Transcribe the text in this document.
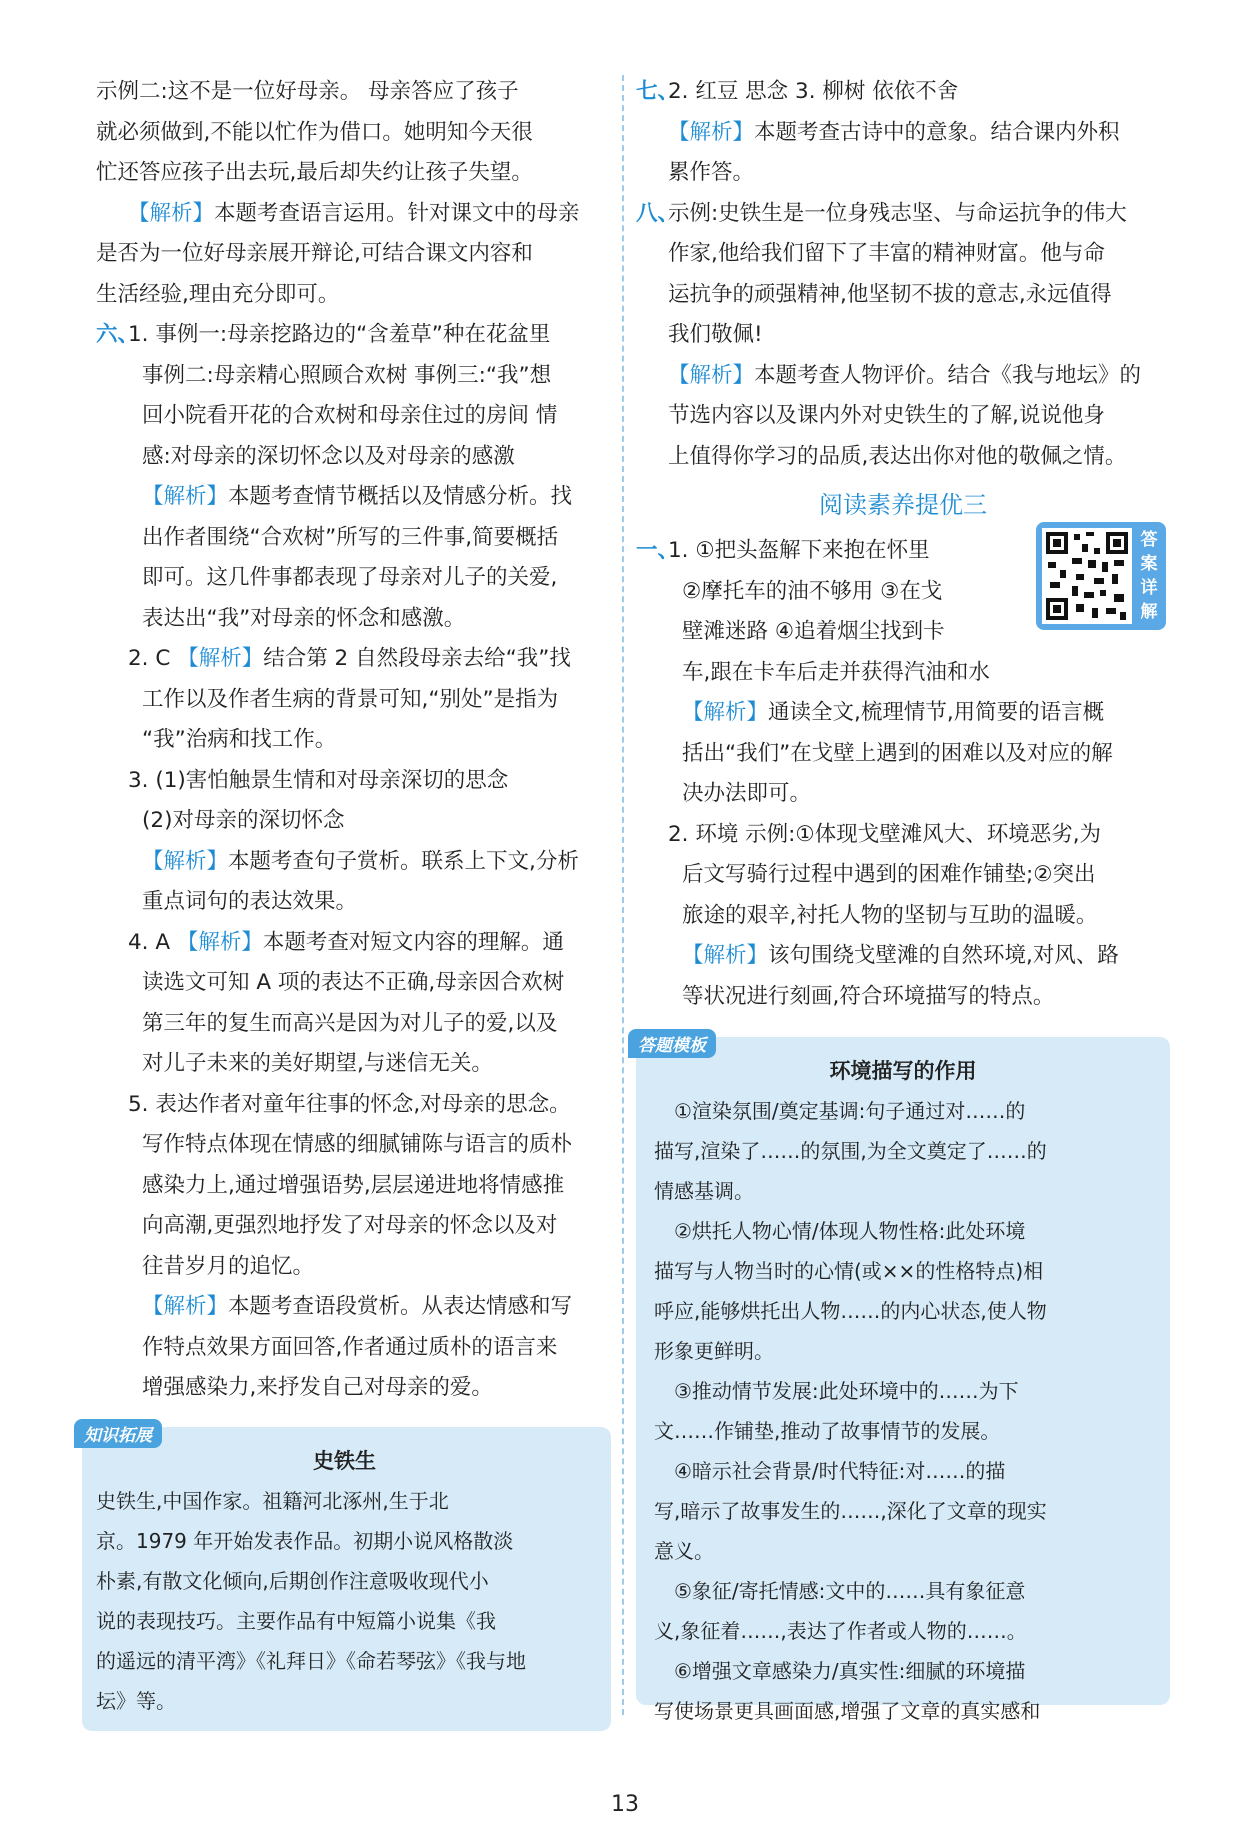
示例二:这不是一位好母亲。 母亲答应了孩子

就必须做到,不能以忙作为借口。她明知今天很

忙还答应孩子出去玩,最后却失约让孩子失望。

【解析】本题考查语言运用。针对课文中的母亲

是否为一位好母亲展开辩论,可结合课文内容和

生活经验,理由充分即可。

六、1. 事例一:母亲挖路边的“含羞草”种在花盆里

事例二:母亲精心照顾合欢树 事例三:“我”想

回小院看开花的合欢树和母亲住过的房间 情

感:对母亲的深切怀念以及对母亲的感激

【解析】本题考查情节概括以及情感分析。找

出作者围绕“合欢树”所写的三件事,简要概括

即可。这几件事都表现了母亲对儿子的关爱,

表达出“我”对母亲的怀念和感激。

2. C 【解析】结合第 2 自然段母亲去给“我”找

工作以及作者生病的背景可知,“别处”是指为

“我”治病和找工作。

3. (1)害怕触景生情和对母亲深切的思念

(2)对母亲的深切怀念

【解析】本题考查句子赏析。联系上下文,分析

重点词句的表达效果。

4. A 【解析】本题考查对短文内容的理解。通

读选文可知 A 项的表达不正确,母亲因合欢树

第三年的复生而高兴是因为对儿子的爱,以及

对儿子未来的美好期望,与迷信无关。

5. 表达作者对童年往事的怀念,对母亲的思念。

写作特点体现在情感的细腻铺陈与语言的质朴

感染力上,通过增强语势,层层递进地将情感推

向高潮,更强烈地抒发了对母亲的怀念以及对

往昔岁月的追忆。

【解析】本题考查语段赏析。从表达情感和写

作特点效果方面回答,作者通过质朴的语言来

增强感染力,来抒发自己对母亲的爱。

知识拓展
史铁生

史铁生,中国作家。祖籍河北涿州,生于北

京。1979 年开始发表作品。初期小说风格散淡

朴素,有散文化倾向,后期创作注意吸收现代小

说的表现技巧。主要作品有中短篇小说集《我

的遥远的清平湾》《礼拜日》《命若琴弦》《我与地

坛》等。

七、2. 红豆 思念 3. 柳树 依依不舍

【解析】本题考查古诗中的意象。结合课内外积

累作答。

八、示例:史铁生是一位身残志坚、与命运抗争的伟大

作家,他给我们留下了丰富的精神财富。他与命

运抗争的顽强精神,他坚韧不拔的意志,永远值得

我们敬佩!

【解析】本题考查人物评价。结合《我与地坛》的

节选内容以及课内外对史铁生的了解,说说他身

上值得你学习的品质,表达出你对他的敬佩之情。

阅读素养提优三

一、1. ①把头盔解下来抱在怀里

②摩托车的油不够用 ③在戈

壁滩迷路 ④追着烟尘找到卡

车,跟在卡车后走并获得汽油和水

答案详解

【解析】通读全文,梳理情节,用简要的语言概

括出“我们”在戈壁上遇到的困难以及对应的解

决办法即可。

2. 环境 示例:①体现戈壁滩风大、环境恶劣,为

后文写骑行过程中遇到的困难作铺垫;②突出

旅途的艰辛,衬托人物的坚韧与互助的温暖。

【解析】该句围绕戈壁滩的自然环境,对风、路

等状况进行刻画,符合环境描写的特点。

答题模板
环境描写的作用

①渲染氛围/奠定基调:句子通过对……的

描写,渲染了……的氛围,为全文奠定了……的

情感基调。

②烘托人物心情/体现人物性格:此处环境

描写与人物当时的心情(或××的性格特点)相

呼应,能够烘托出人物……的内心状态,使人物

形象更鲜明。

③推动情节发展:此处环境中的……为下

文……作铺垫,推动了故事情节的发展。

④暗示社会背景/时代特征:对……的描

写,暗示了故事发生的……,深化了文章的现实

意义。

⑤象征/寄托情感:文中的……具有象征意

义,象征着……,表达了作者或人物的……。

⑥增强文章感染力/真实性:细腻的环境描

写使场景更具画面感,增强了文章的真实感和

13
